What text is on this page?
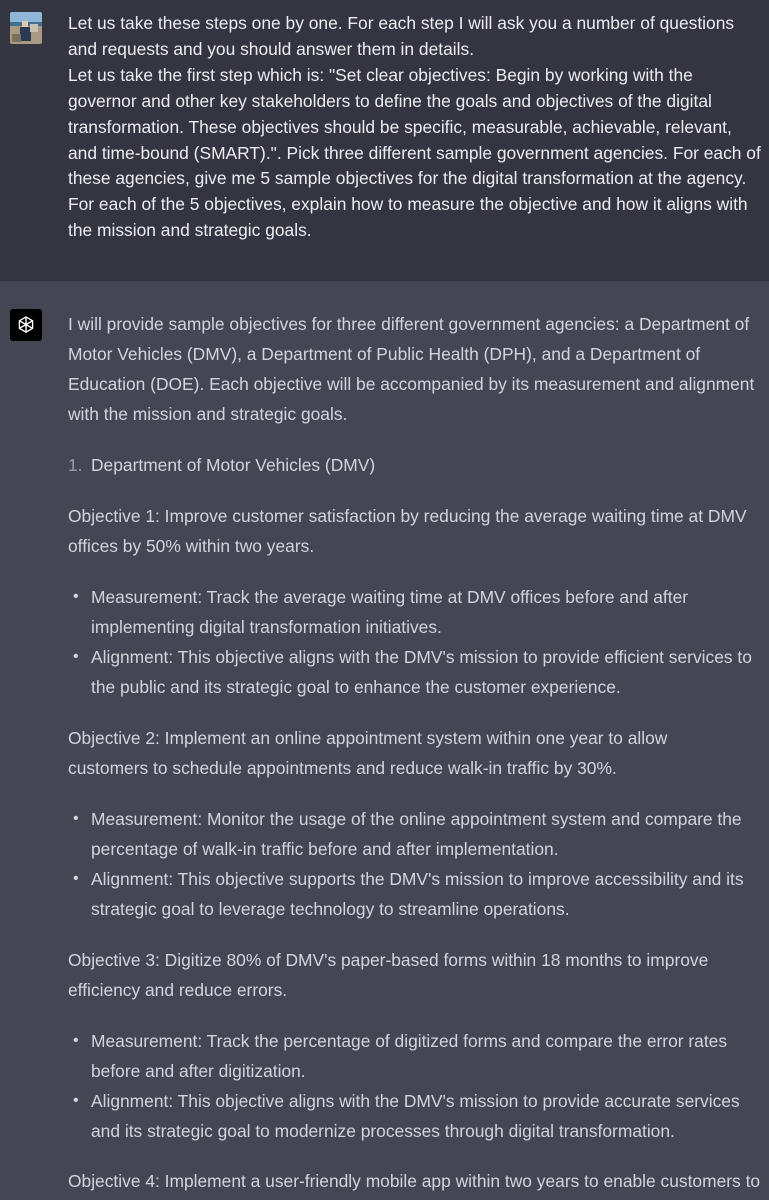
Let us take these steps one by one. For each step I will ask you a number of questions and requests and you should answer them in details.

Let us take the first step which is: "Set clear objectives: Begin by working with the governor and other key stakeholders to define the goals and objectives of the digital transformation. These objectives should be specific, measurable, achievable, relevant, and time-bound (SMART).". Pick three different sample government agencies. For each of these agencies, give me 5 sample objectives for the digital transformation at the agency. For each of the 5 objectives, explain how to measure the objective and how it aligns with the mission and strategic goals.

I will provide sample objectives for three different government agencies: a Department of Motor Vehicles (DMV), a Department of Public Health (DPH), and a Department of Education (DOE). Each objective will be accompanied by its measurement and alignment with the mission and strategic goals.

1. Department of Motor Vehicles (DMV)

Objective 1: Improve customer satisfaction by reducing the average waiting time at DMV offices by 50% within two years.

• Measurement: Track the average waiting time at DMV offices before and after implementing digital transformation initiatives.
• Alignment: This objective aligns with the DMV's mission to provide efficient services to the public and its strategic goal to enhance the customer experience.

Objective 2: Implement an online appointment system within one year to allow customers to schedule appointments and reduce walk-in traffic by 30%.

• Measurement: Monitor the usage of the online appointment system and compare the percentage of walk-in traffic before and after implementation.
• Alignment: This objective supports the DMV's mission to improve accessibility and its strategic goal to leverage technology to streamline operations.

Objective 3: Digitize 80% of DMV's paper-based forms within 18 months to improve efficiency and reduce errors.

• Measurement: Track the percentage of digitized forms and compare the error rates before and after digitization.
• Alignment: This objective aligns with the DMV's mission to provide accurate services and its strategic goal to modernize processes through digital transformation.

Objective 4: Implement a user-friendly mobile app within two years to enable customers to
